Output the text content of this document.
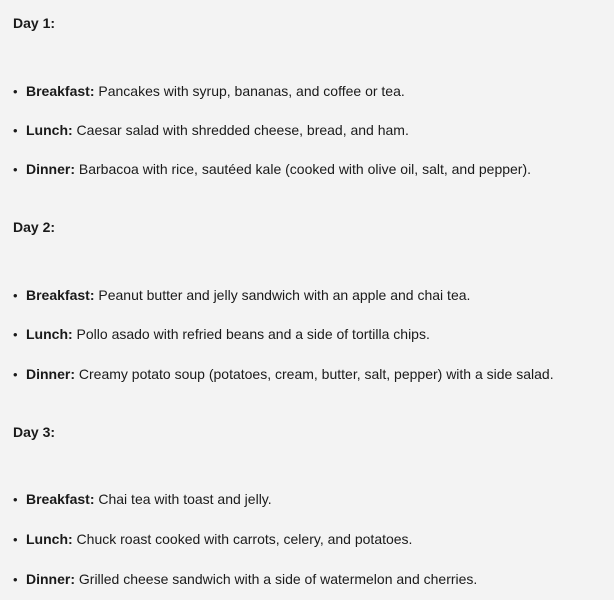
Day 1:
• Breakfast: Pancakes with syrup, bananas, and coffee or tea.
• Lunch: Caesar salad with shredded cheese, bread, and ham.
• Dinner: Barbacoa with rice, sautéed kale (cooked with olive oil, salt, and pepper).
Day 2:
• Breakfast: Peanut butter and jelly sandwich with an apple and chai tea.
• Lunch: Pollo asado with refried beans and a side of tortilla chips.
• Dinner: Creamy potato soup (potatoes, cream, butter, salt, pepper) with a side salad.
Day 3:
• Breakfast: Chai tea with toast and jelly.
• Lunch: Chuck roast cooked with carrots, celery, and potatoes.
• Dinner: Grilled cheese sandwich with a side of watermelon and cherries.
